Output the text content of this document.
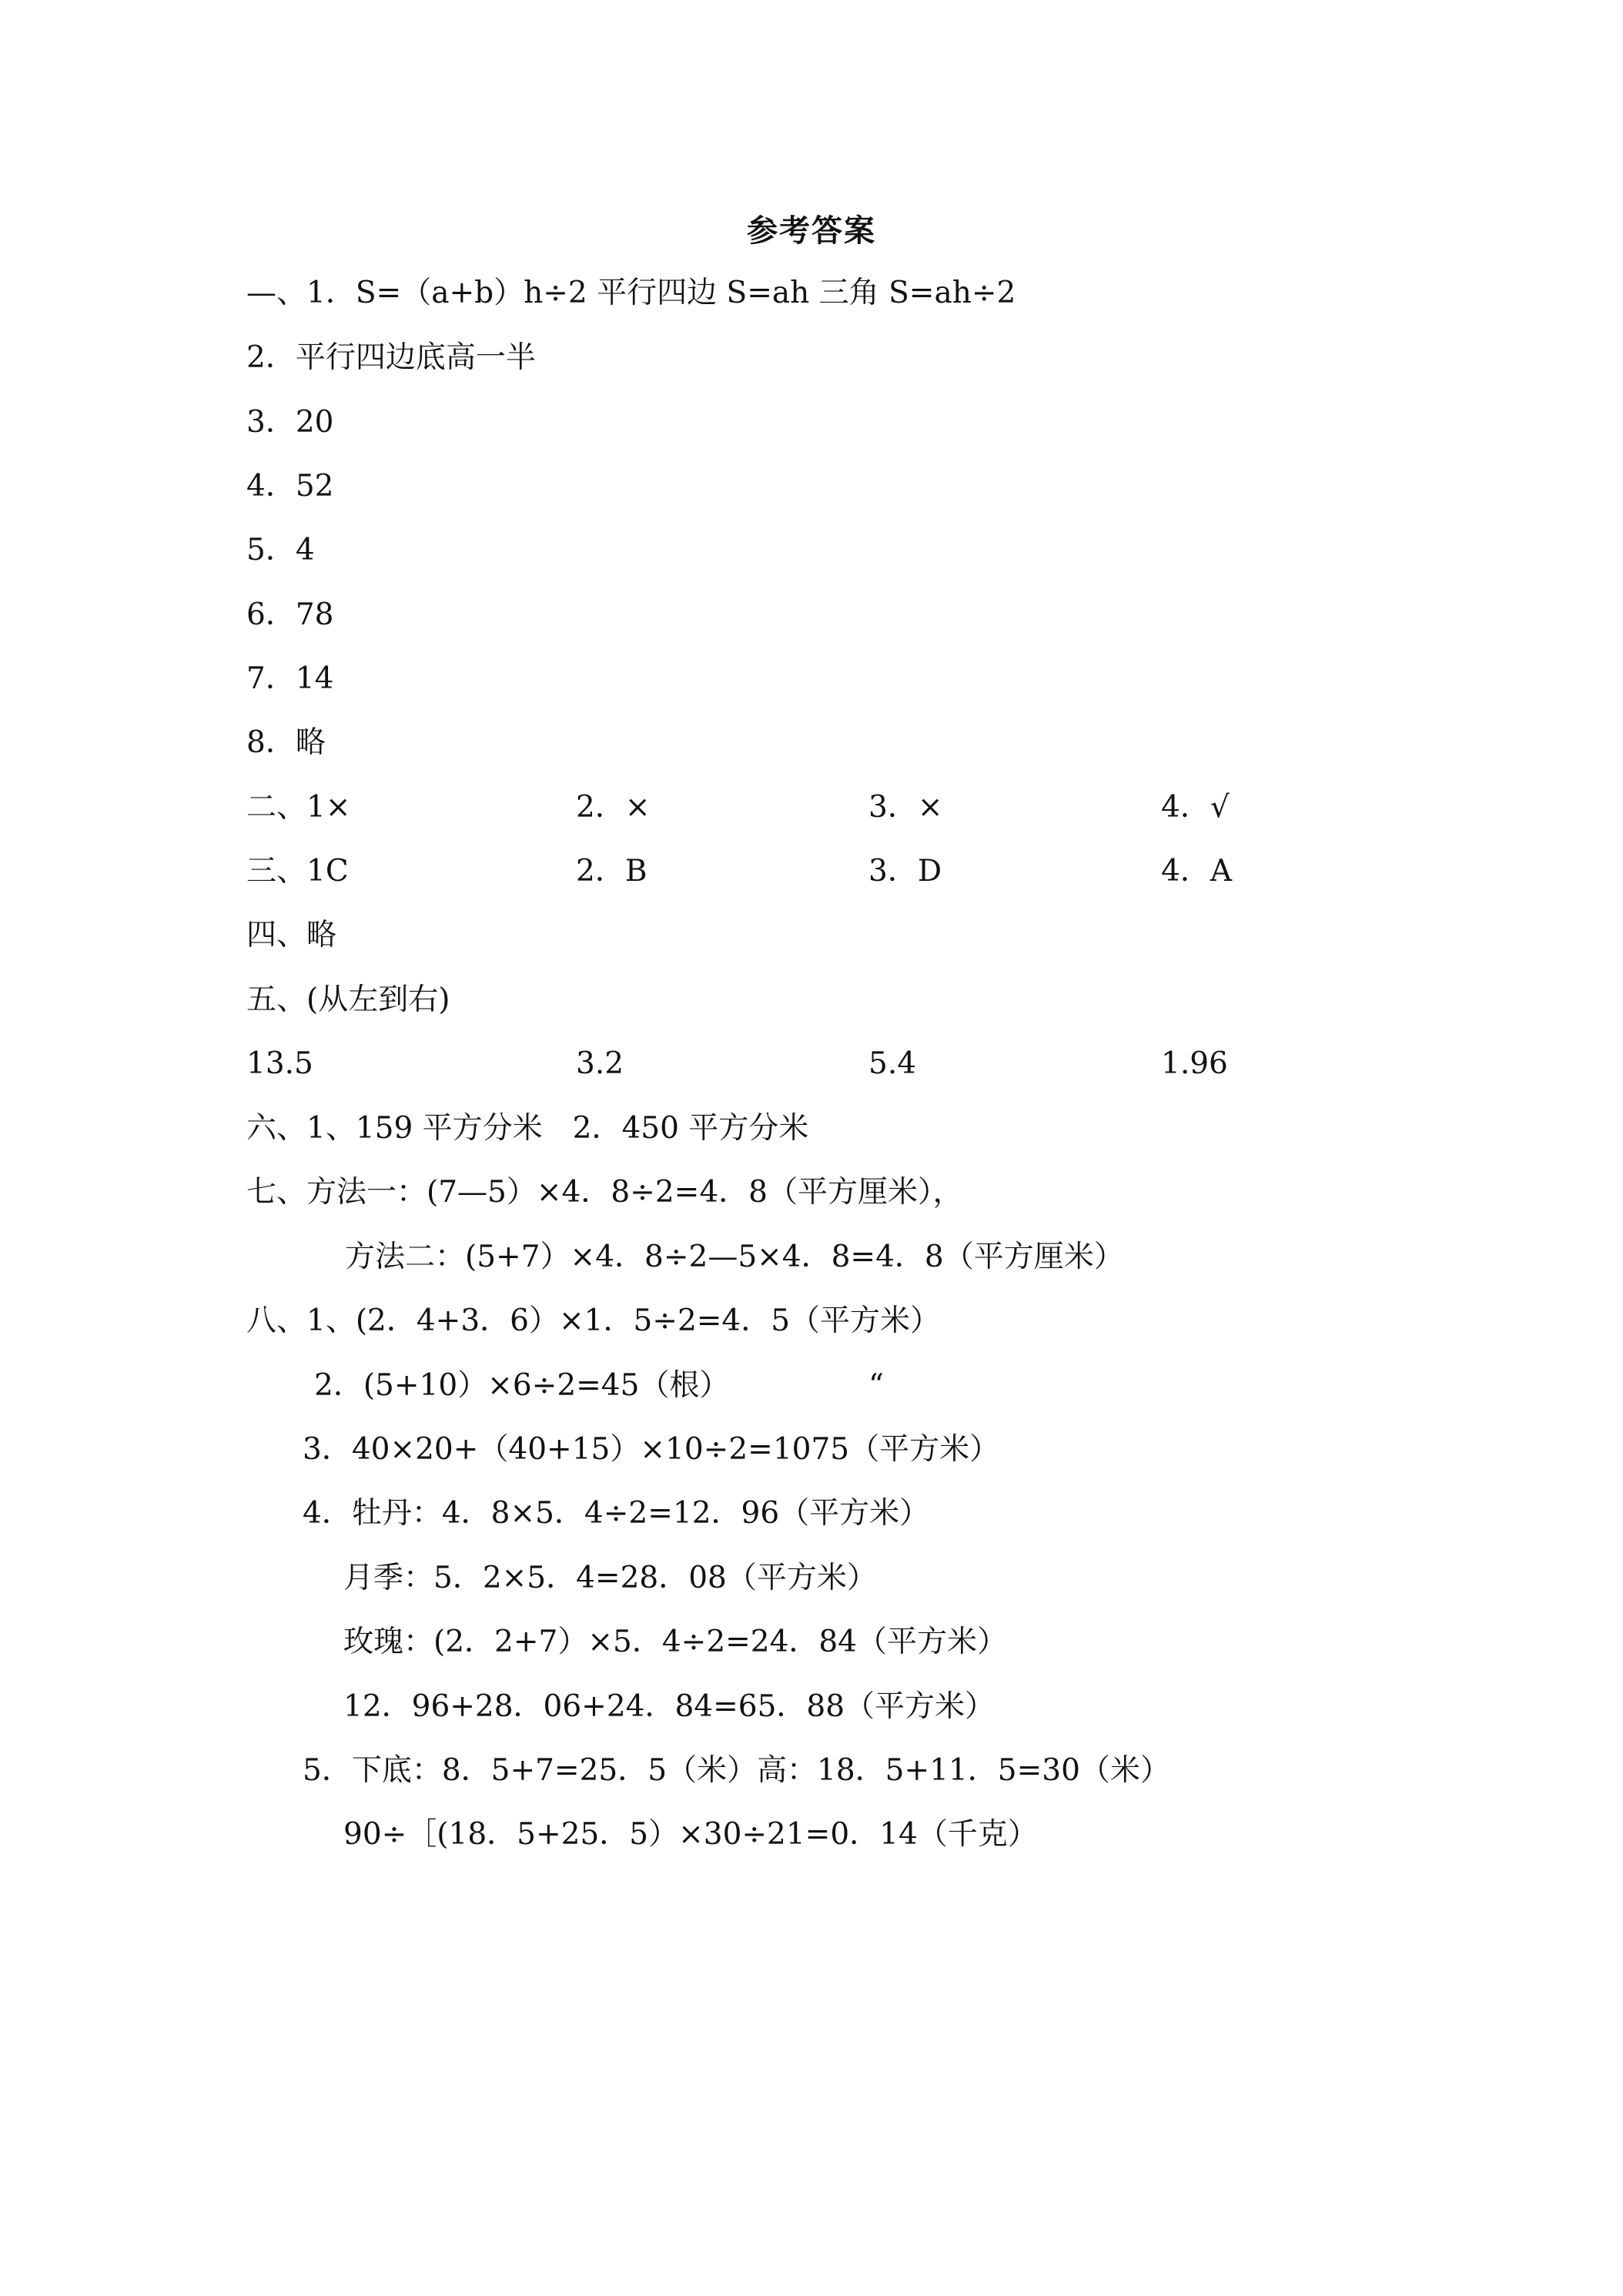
参考答案
—、1．S=（a+b）h÷2 平行四边 S=ah 三角 S=ah÷2
2．平行四边底高一半
3．20
4．52
5．4
6．78
7．14
8．略
二、1×	2．×	3．×	4．√
三、1C	2．B	3．D	4．A
四、略
五、(从左到右)
13.5	3.2	5.4	1.96
六、1、159 平方分米　2．450 平方分米
七、方法一：(7—5）×4．8÷2=4．8（平方厘米），
方法二：(5+7）×4．8÷2—5×4．8=4．8（平方厘米）
八、1、(2．4+3．6）×1．5÷2=4．5（平方米）
2．(5+10）×6÷2=45（根）	“
3．40×20+（40+15）×10÷2=1075（平方米）
4．牡丹：4．8×5．4÷2=12．96（平方米）
月季：5．2×5．4=28．08（平方米）
玫瑰：(2．2+7）×5．4÷2=24．84（平方米）
12．96+28．06+24．84=65．88（平方米）
5．下底：8．5+7=25．5（米）高：18．5+11．5=30（米）
90÷［(18．5+25．5）×30÷21=0．14（千克）
